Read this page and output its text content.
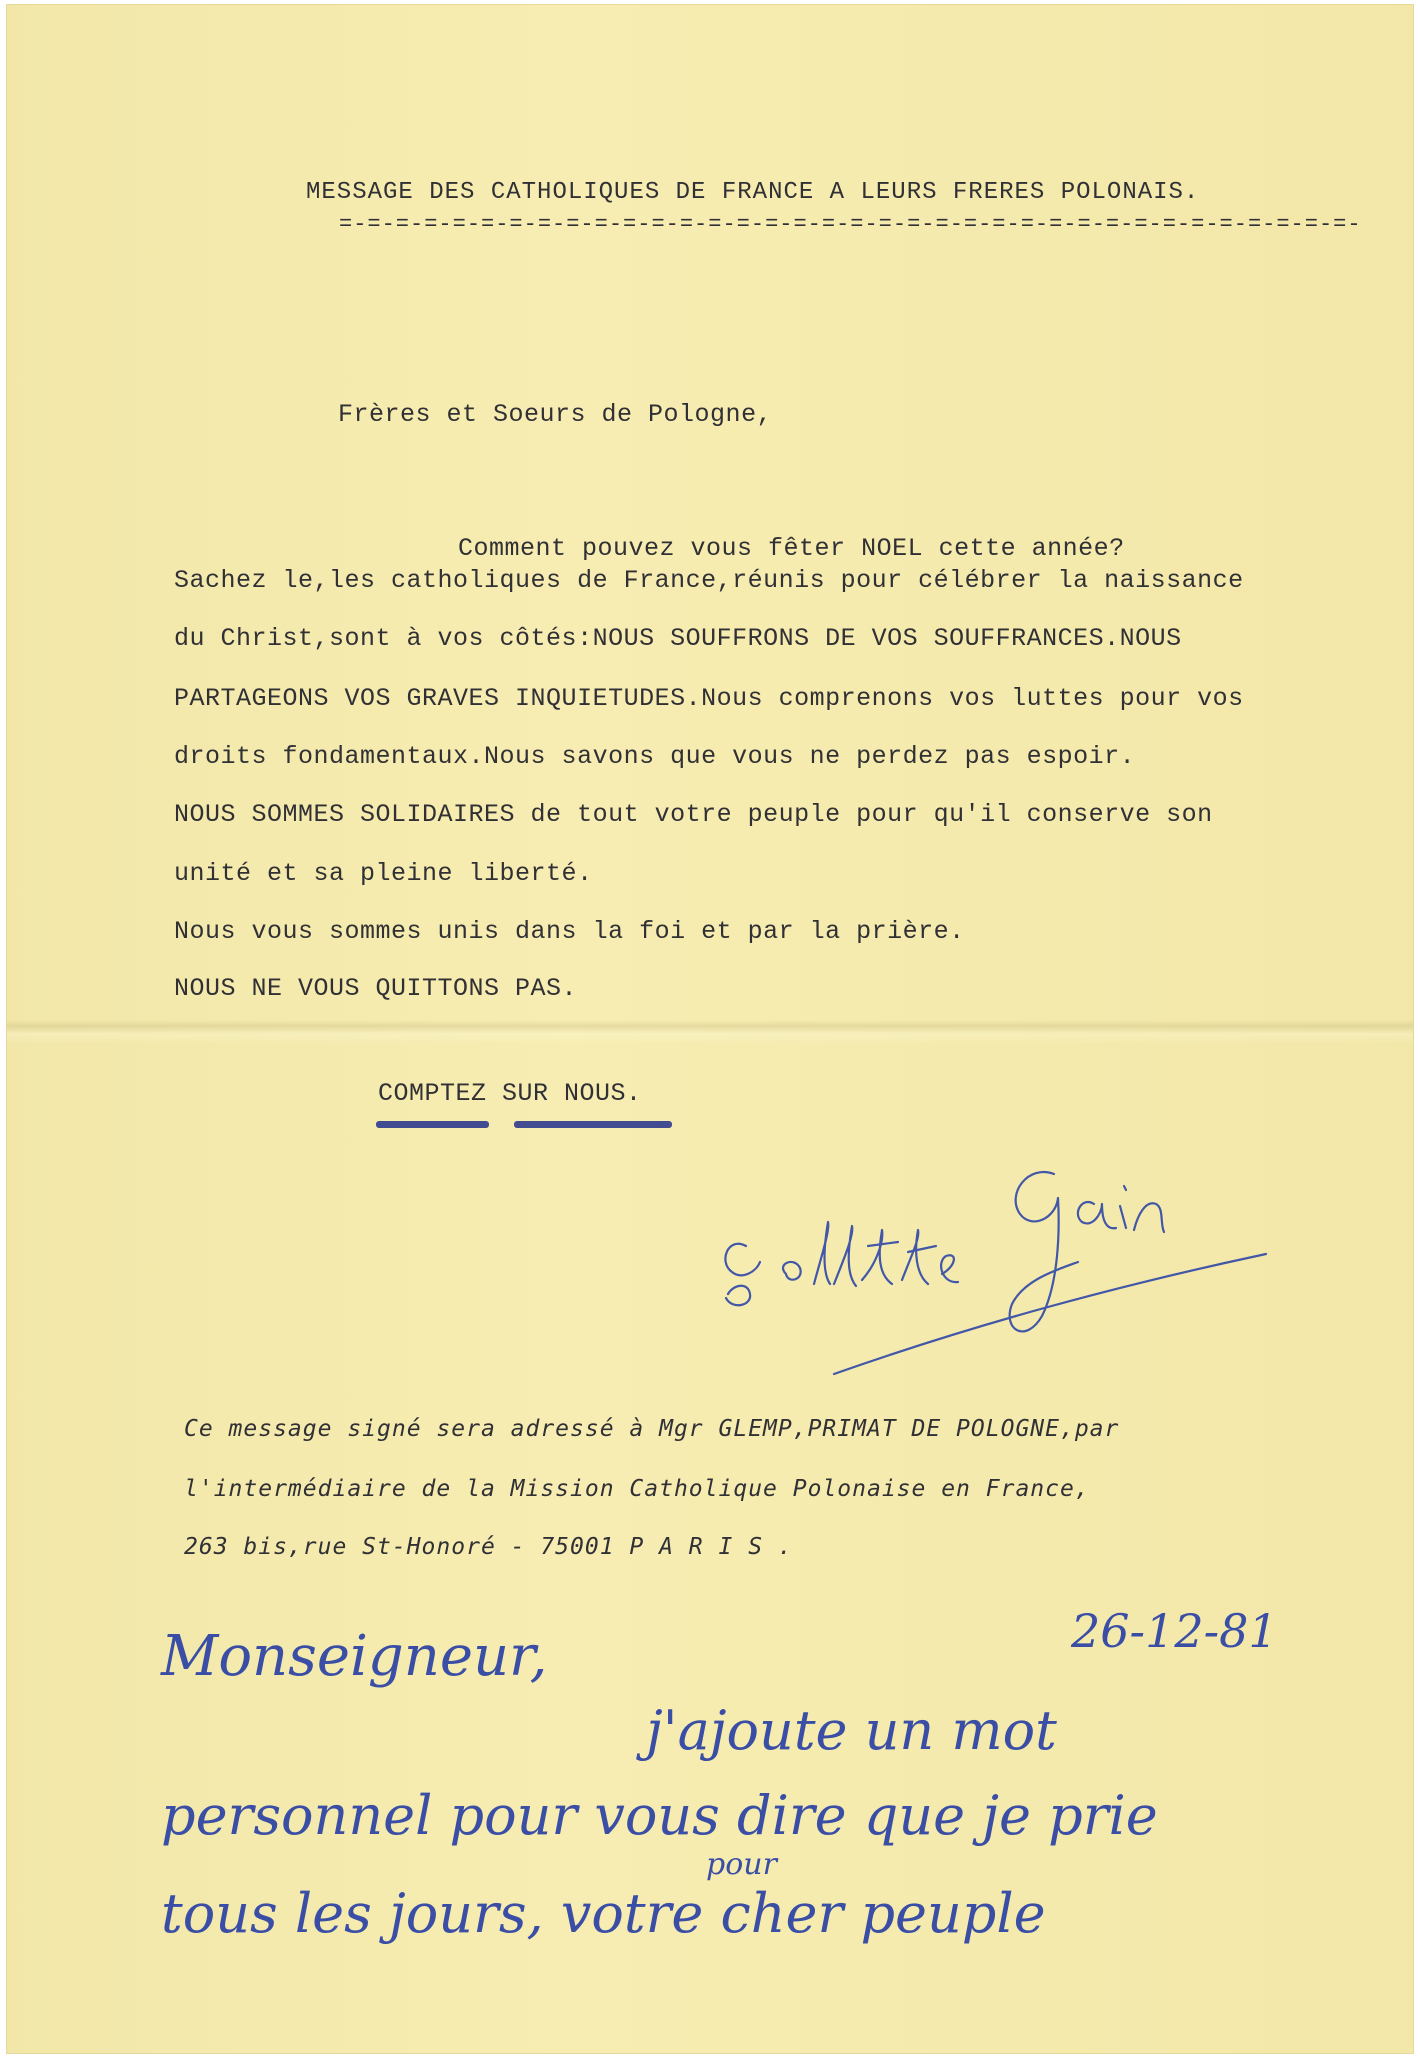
MESSAGE DES CATHOLIQUES DE FRANCE A LEURS FRERES POLONAIS.
=-=-=-=-=-=-=-=-=-=-=-=-=-=-=-=-=-=-=-=-=-=-=-=-=-=-=-=-=-=-=-=-=-=-=-=-
Frères et Soeurs de Pologne,
Comment pouvez vous fêter NOEL cette année?
Sachez le,les catholiques de France,réunis pour célébrer la naissance
du Christ,sont à vos côtés:NOUS SOUFFRONS DE VOS SOUFFRANCES.NOUS
PARTAGEONS VOS GRAVES INQUIETUDES.Nous comprenons vos luttes pour vos
droits fondamentaux.Nous savons que vous ne perdez pas espoir.
NOUS SOMMES SOLIDAIRES de tout votre peuple pour qu'il conserve son
unité et sa pleine liberté.
Nous vous sommes unis dans la foi et par la prière.
NOUS NE VOUS QUITTONS PAS.
COMPTEZ SUR NOUS.
Ce message signé sera adressé à Mgr GLEMP,PRIMAT DE POLOGNE,par
l'intermédiaire de la Mission Catholique Polonaise en France,
263 bis,rue St-Honoré - 75001 P A R I S .
26-12-81
Monseigneur,
j'ajoute un mot
personnel pour vous dire que je prie
pour
tous les jours, votre cher peuple
